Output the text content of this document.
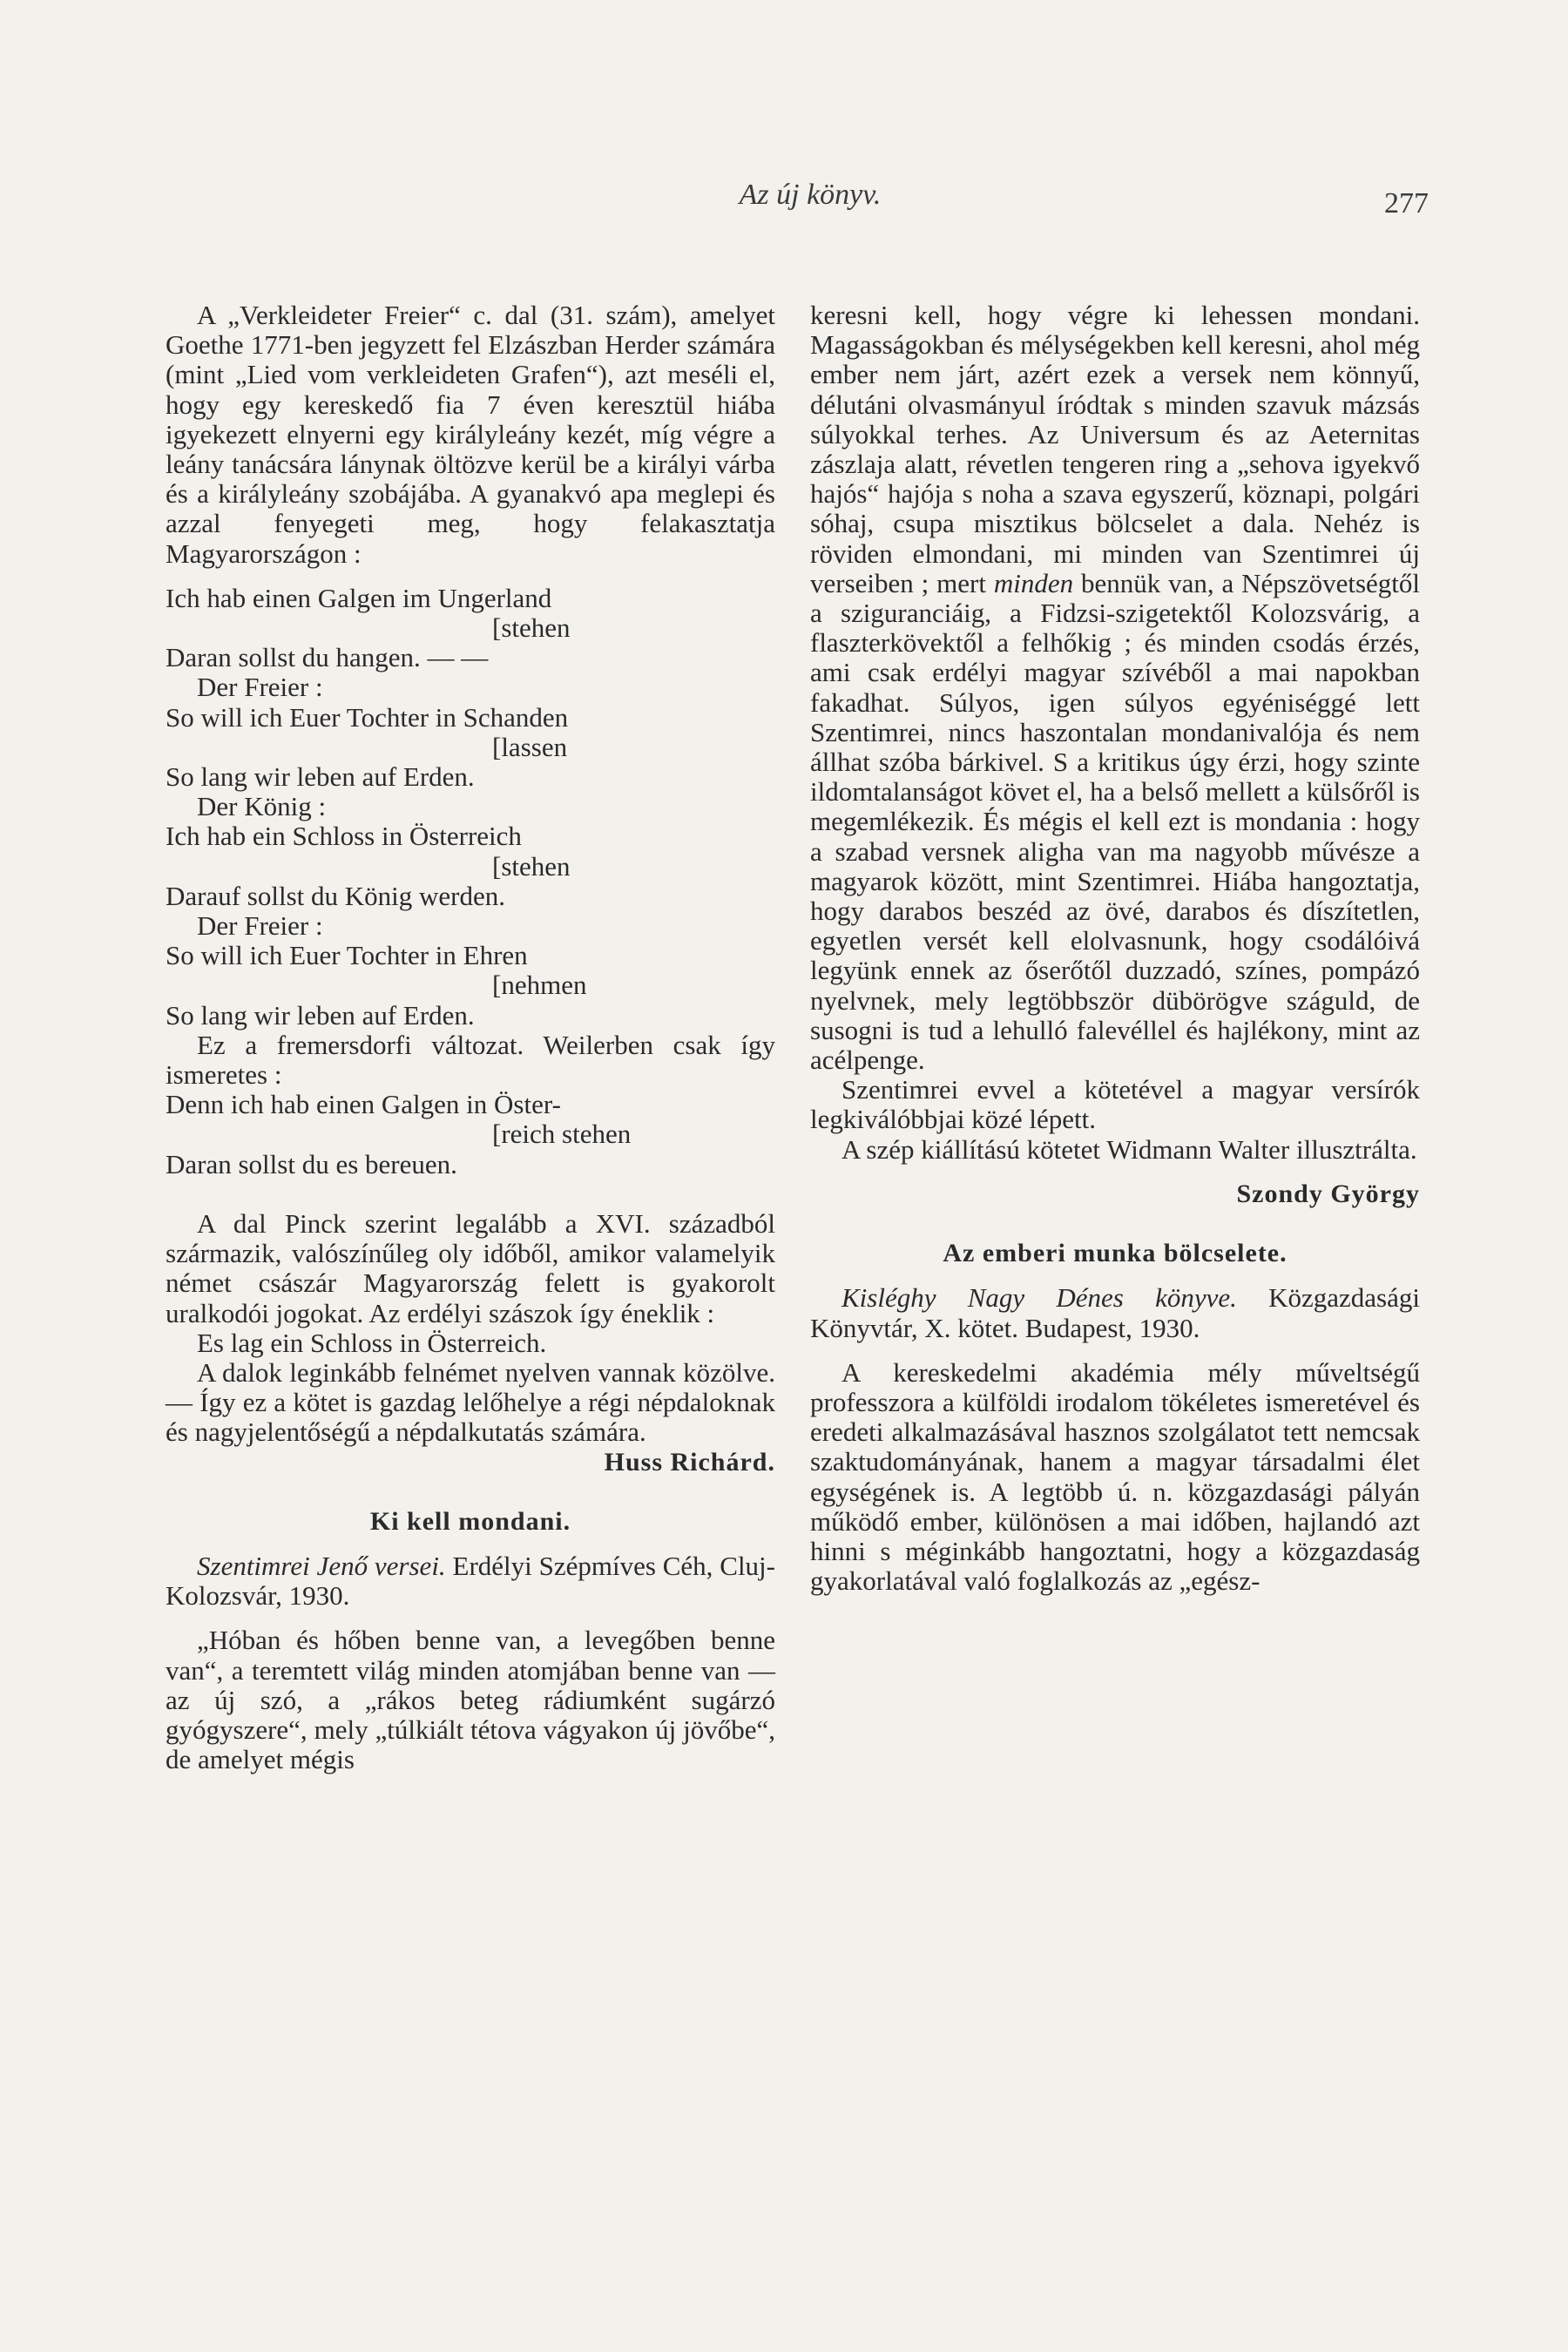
Az új könyv.	277

A „Verkleideter Freier“ c. dal (31. szám), amelyet Goethe 1771-ben jegyzett fel Elzászban Herder számára (mint „Lied vom verkleideten Grafen“), azt meséli el, hogy egy kereskedő fia 7 éven keresztül hiába igyekezett elnyerni egy királyleány kezét, míg végre a leány tanácsára lánynak öltözve kerül be a királyi várba és a királyleány szobájába. A gyanakvó apa meglepi és azzal fenyegeti meg, hogy felakasztatja Magyarországon :

Ich hab einen Galgen im Ungerland
[stehen
Daran sollst du hangen. — —
Der Freier :
So will ich Euer Tochter in Schanden
[lassen
So lang wir leben auf Erden.
Der König :
Ich hab ein Schloss in Österreich
[stehen
Darauf sollst du König werden.
Der Freier :
So will ich Euer Tochter in Ehren
[nehmen
So lang wir leben auf Erden.

Ez a fremersdorfi változat. Weilerben csak így ismeretes :

Denn ich hab einen Galgen in Öster-
[reich stehen
Daran sollst du es bereuen.

A dal Pinck szerint legalább a XVI. századból származik, valószínűleg oly időből, amikor valamelyik német császár Magyarország felett is gyakorolt uralkodói jogokat. Az erdélyi szászok így éneklik :

Es lag ein Schloss in Österreich.

A dalok leginkább felnémet nyelven vannak közölve. — Így ez a kötet is gazdag lelőhelye a régi népdaloknak és nagyjelentőségű a népdalkutatás számára.

Huss Richárd.
Ki kell mondani.

Szentimrei Jenő versei. Erdélyi Szépmíves Céh, Cluj-Kolozsvár, 1930.

„Hóban és hőben benne van, a levegőben benne van“, a teremtett világ minden atomjában benne van — az új szó, a „rákos beteg rádiumként sugárzó gyógyszere“, mely „túlkiált tétova vágyakon új jövőbe“, de amelyet mégis

keresni kell, hogy végre ki lehessen mondani. Magasságokban és mélységekben kell keresni, ahol még ember nem járt, azért ezek a versek nem könnyű, délutáni olvasmányul íródtak s minden szavuk mázsás súlyokkal terhes. Az Universum és az Aeternitas zászlaja alatt, révetlen tengeren ring a „sehova igyekvő hajós“ hajója s noha a szava egyszerű, köznapi, polgári sóhaj, csupa misztikus bölcselet a dala. Nehéz is röviden elmondani, mi minden van Szentimrei új verseiben ; mert minden bennük van, a Népszövetségtől a sziguranciáig, a Fidzsi-szigetektől Kolozsvárig, a flaszterkövektől a felhőkig ; és minden csodás érzés, ami csak erdélyi magyar szívéből a mai napokban fakadhat. Súlyos, igen súlyos egyéniséggé lett Szentimrei, nincs haszontalan mondanivalója és nem állhat szóba bárkivel. S a kritikus úgy érzi, hogy szinte ildomtalanságot követ el, ha a belső mellett a külsőről is megemlékezik. És mégis el kell ezt is mondania : hogy a szabad versnek aligha van ma nagyobb művésze a magyarok között, mint Szentimrei. Hiába hangoztatja, hogy darabos beszéd az övé, darabos és díszítetlen, egyetlen versét kell elolvasnunk, hogy csodálóivá legyünk ennek az őserőtől duzzadó, színes, pompázó nyelvnek, mely legtöbbször dübörögve száguld, de susogni is tud a lehulló falevéllel és hajlékony, mint az acélpenge.

Szentimrei evvel a kötetével a magyar versírók legkiválóbbjai közé lépett.

A szép kiállítású kötetet Widmann Walter illusztrálta.

Szondy György
Az emberi munka bölcselete.

Kisléghy Nagy Dénes könyve. Közgazdasági Könyvtár, X. kötet. Budapest, 1930.

A kereskedelmi akadémia mély műveltségű professzora a külföldi irodalom tökéletes ismeretével és eredeti alkalmazásával hasznos szolgálatot tett nemcsak szaktudományának, hanem a magyar társadalmi élet egységének is. A legtöbb ú. n. közgazdasági pályán működő ember, különösen a mai időben, hajlandó azt hinni s méginkább hangoztatni, hogy a közgazdaság gyakorlatával való foglalkozás az „egész-
